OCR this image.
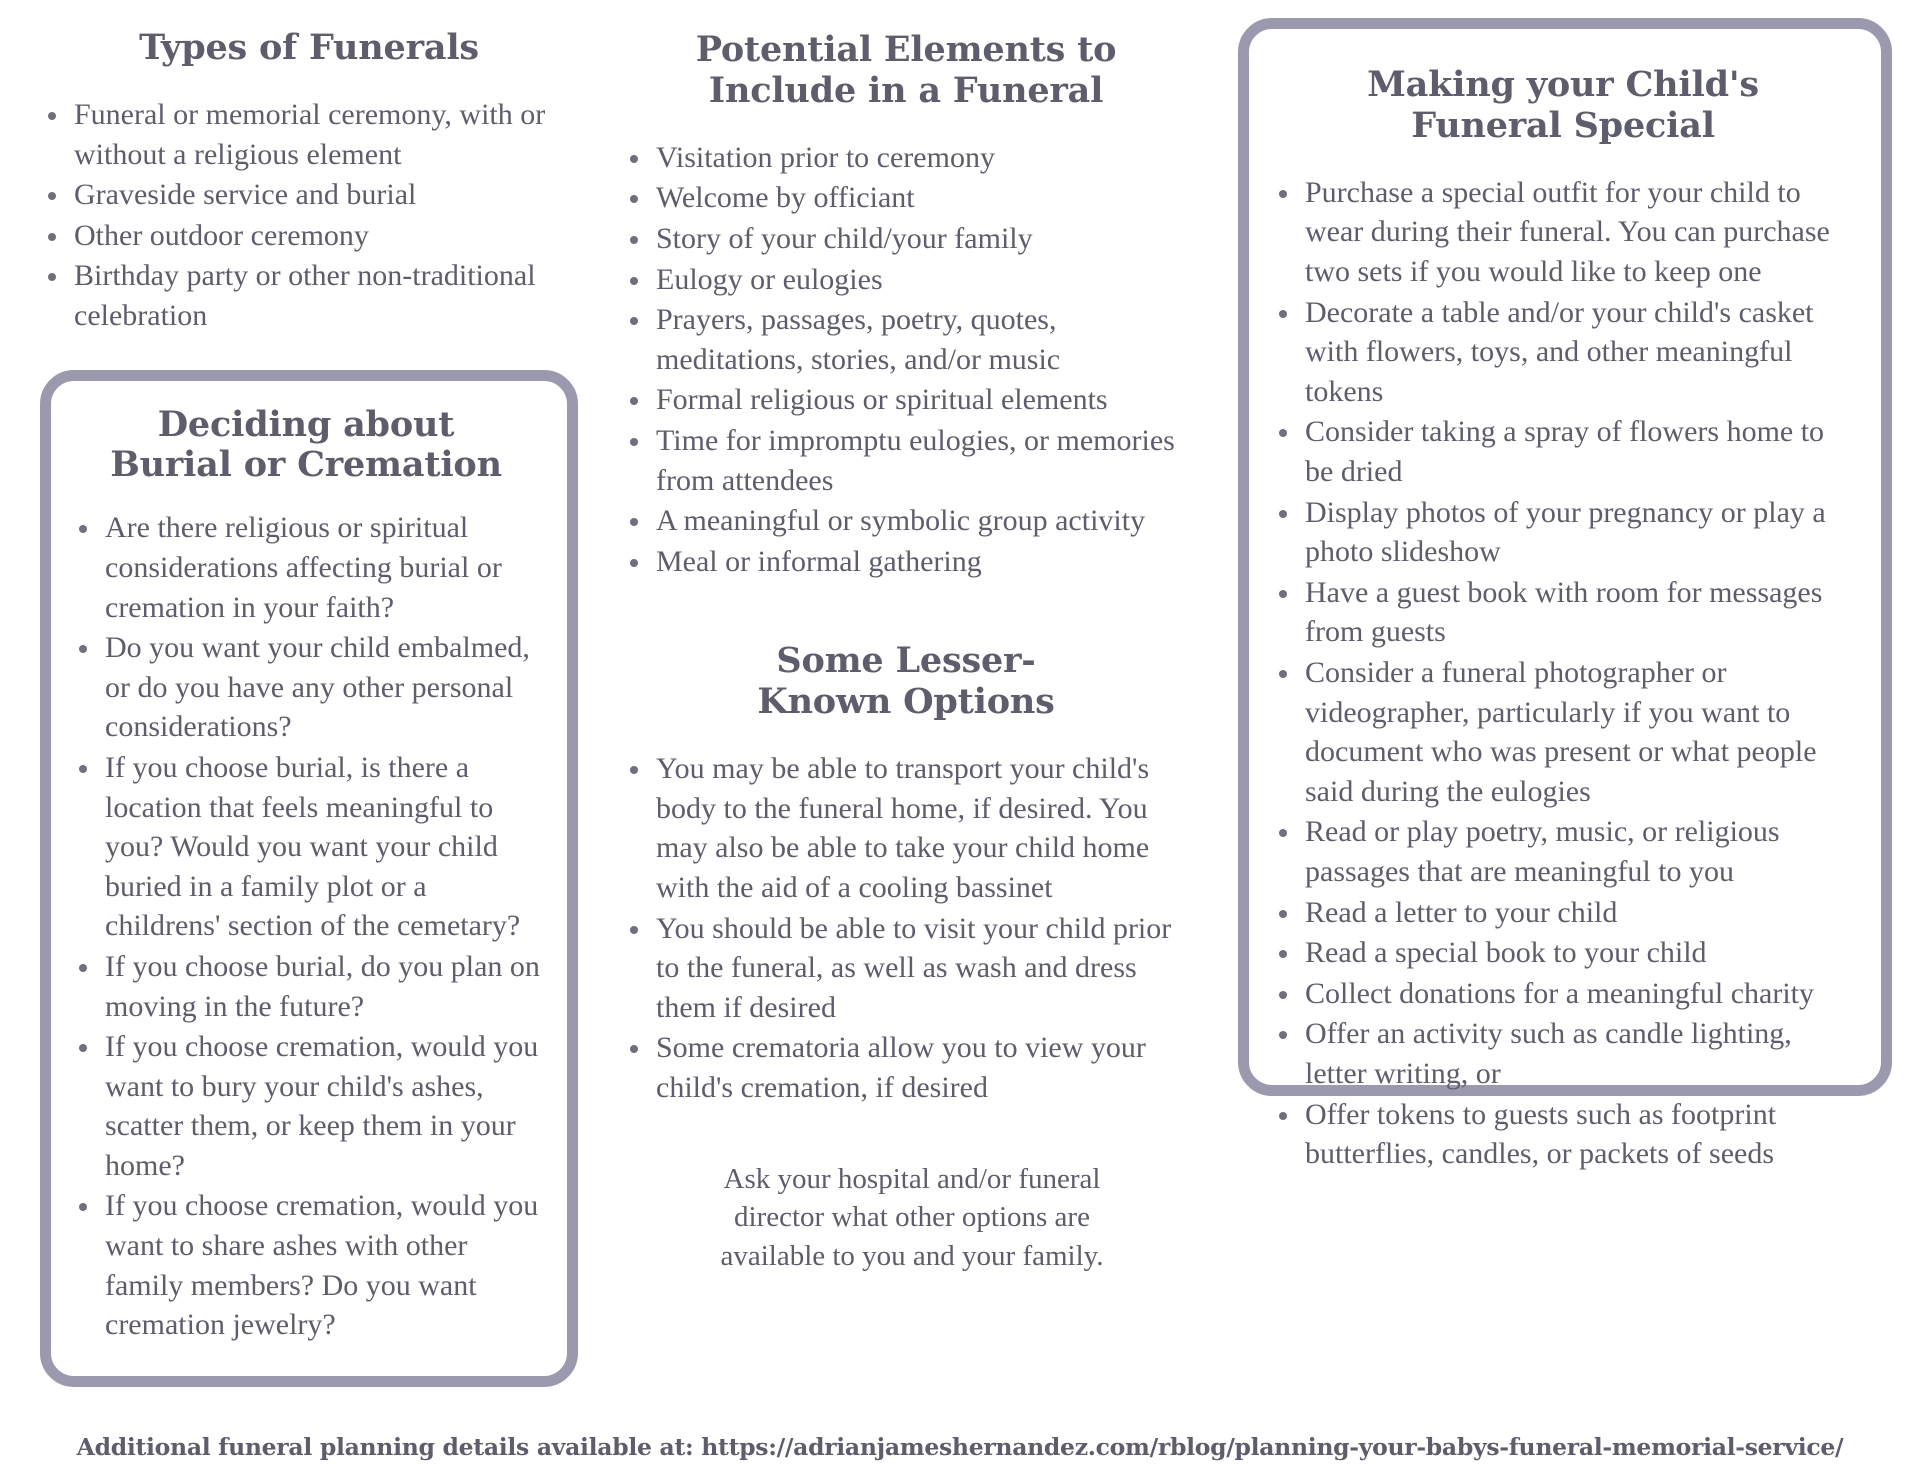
Types of Funerals
Funeral or memorial ceremony, with or without a religious element
Graveside service and burial
Other outdoor ceremony
Birthday party or other non-traditional celebration
Deciding about
Burial or Cremation
Are there religious or spiritual considerations affecting burial or cremation in your faith?
Do you want your child embalmed, or do you have any other personal considerations?
If you choose burial, is there a location that feels meaningful to you? Would you want your child buried in a family plot or a childrens' section of the cemetary?
If you choose burial, do you plan on moving in the future?
If you choose cremation, would you want to bury your child's ashes, scatter them, or keep them in your home?
If you choose cremation, would you want to share ashes with other family members? Do you want cremation jewelry?
Potential Elements to
Include in a Funeral
Visitation prior to ceremony
Welcome by officiant
Story of your child/your family
Eulogy or eulogies
Prayers, passages, poetry, quotes, meditations, stories, and/or music
Formal religious or spiritual elements
Time for impromptu eulogies, or memories from attendees
A meaningful or symbolic group activity
Meal or informal gathering
Some Lesser-
Known Options
You may be able to transport your child's body to the funeral home, if desired. You may also be able to take your child home with the aid of a cooling bassinet
You should be able to visit your child prior to the funeral, as well as wash and dress them if desired
Some crematoria allow you to view your child's cremation, if desired

Ask your hospital and/or funeral
director what other options are
available to you and your family.

Making your Child's
Funeral Special
Purchase a special outfit for your child to wear during their funeral. You can purchase two sets if you would like to keep one
Decorate a table and/or your child's casket with flowers, toys, and other meaningful tokens
Consider taking a spray of flowers home to be dried
Display photos of your pregnancy or play a photo slideshow
Have a guest book with room for messages from guests
Consider a funeral photographer or videographer, particularly if you want to document who was present or what people said during the eulogies
Read or play poetry, music, or religious passages that are meaningful to you
Read a letter to your child
Read a special book to your child
Collect donations for a meaningful charity
Offer an activity such as candle lighting, letter writing, or
Offer tokens to guests such as footprint butterflies, candles, or packets of seeds
Additional funeral planning details available at: https://adrianjameshernandez.com/rblog/planning-your-babys-funeral-memorial-service/
